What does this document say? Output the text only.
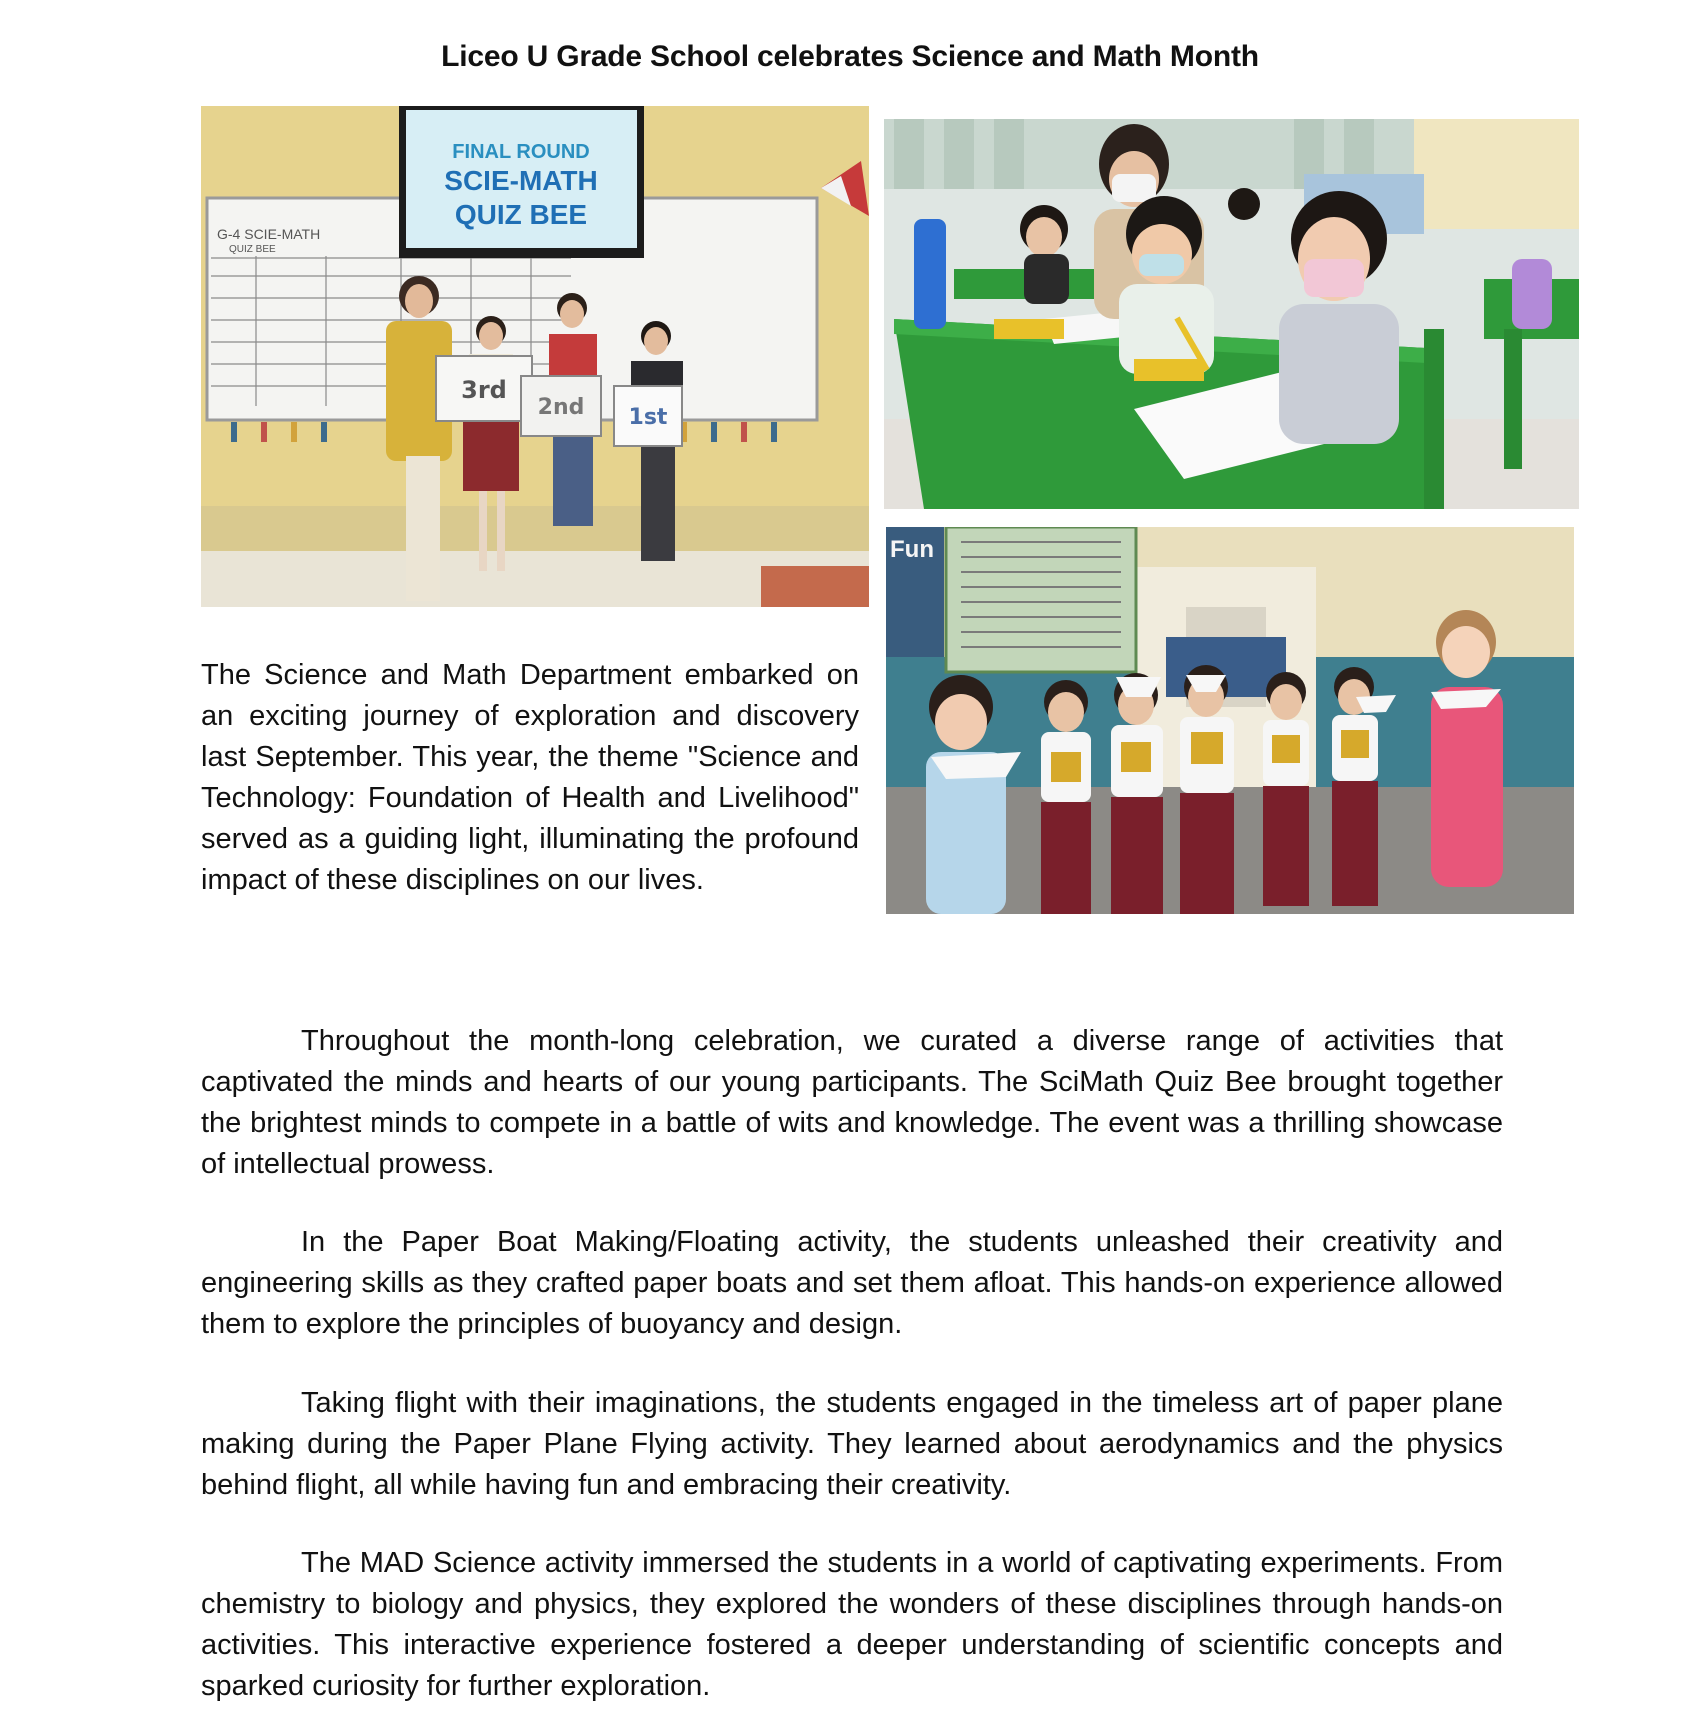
Liceo U Grade School celebrates Science and Math Month
G-4 SCIE-MATH
QUIZ BEE
FINAL ROUND
SCIE-MATH
QUIZ BEE
3rd
2nd 1st
Fun

The Science and Math Department embarked on an exciting journey of exploration and discovery last September. This year, the theme "Science and Technology: Foundation of Health and Livelihood" served as a guiding light, illuminating the profound impact of these disciplines on our lives.

Throughout the month-long celebration, we curated a diverse range of activities that captivated the minds and hearts of our young participants. The SciMath Quiz Bee brought together the brightest minds to compete in a battle of wits and knowledge. The event was a thrilling showcase of intellectual prowess.

In the Paper Boat Making/Floating activity, the students unleashed their creativity and engineering skills as they crafted paper boats and set them afloat. This hands-on experience allowed them to explore the principles of buoyancy and design.

Taking flight with their imaginations, the students engaged in the timeless art of paper plane making during the Paper Plane Flying activity. They learned about aerodynamics and the physics behind flight, all while having fun and embracing their creativity.

The MAD Science activity immersed the students in a world of captivating experiments. From chemistry to biology and physics, they explored the wonders of these disciplines through hands-on activities. This interactive experience fostered a deeper understanding of scientific concepts and sparked curiosity for further exploration.
